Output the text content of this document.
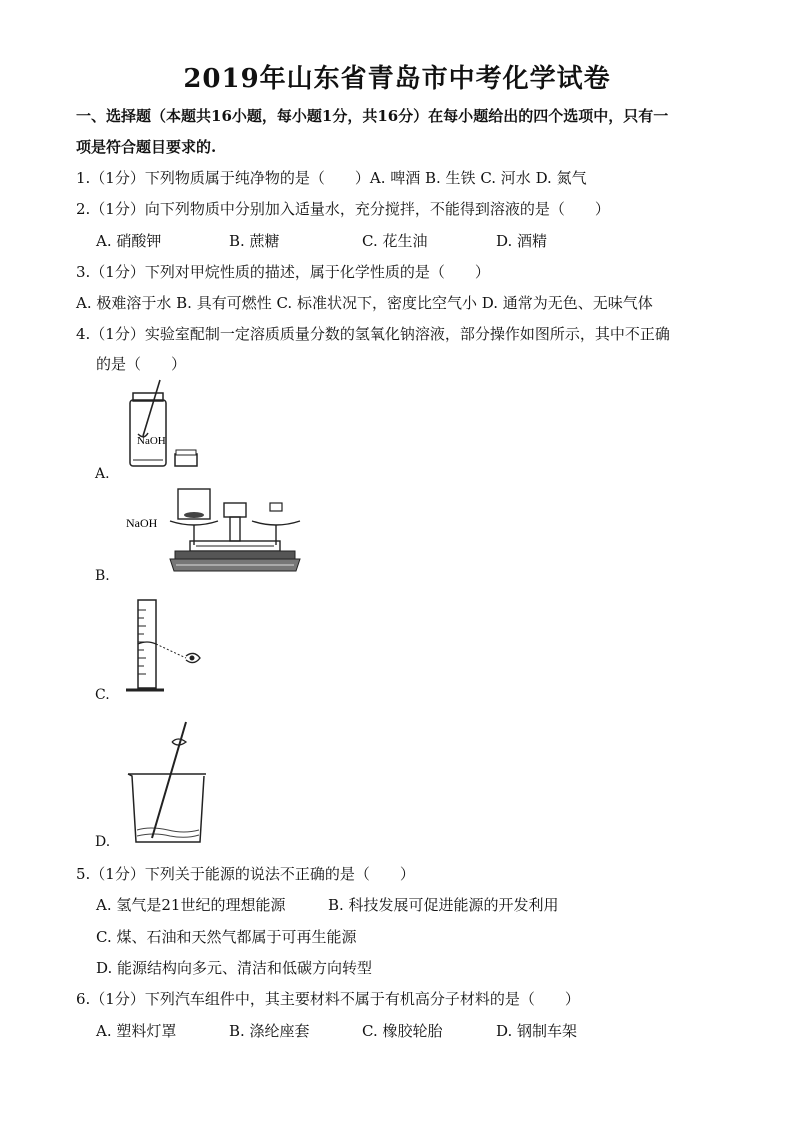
2019年山东省青岛市中考化学试卷
一、选择题（本题共16小题，每小题1分，共16分）在每小题给出的四个选项中，只有一
项是符合题目要求的.
1.（1分）下列物质属于纯净物的是（　　）A. 啤酒 B. 生铁 C. 河水 D. 氮气
2.（1分）向下列物质中分别加入适量水，充分搅拌，不能得到溶液的是（　　）
A. 硝酸钾	B. 蔗糖	C. 花生油	D. 酒精
3.（1分）下列对甲烷性质的描述，属于化学性质的是（　　）
A. 极难溶于水 B. 具有可燃性 C. 标准状况下，密度比空气小 D. 通常为无色、无味气体
4.（1分）实验室配制一定溶质质量分数的氢氧化钠溶液，部分操作如图所示，其中不正确
的是（　　）
NaOH
A.
NaOH
B.
C.
D.
5.（1分）下列关于能源的说法不正确的是（　　）
A. 氢气是21世纪的理想能源	B. 科技发展可促进能源的开发利用
C. 煤、石油和天然气都属于可再生能源
D. 能源结构向多元、清洁和低碳方向转型
6.（1分）下列汽车组件中，其主要材料不属于有机高分子材料的是（　　）
A. 塑料灯罩	B. 涤纶座套	C. 橡胶轮胎	D. 钢制车架
